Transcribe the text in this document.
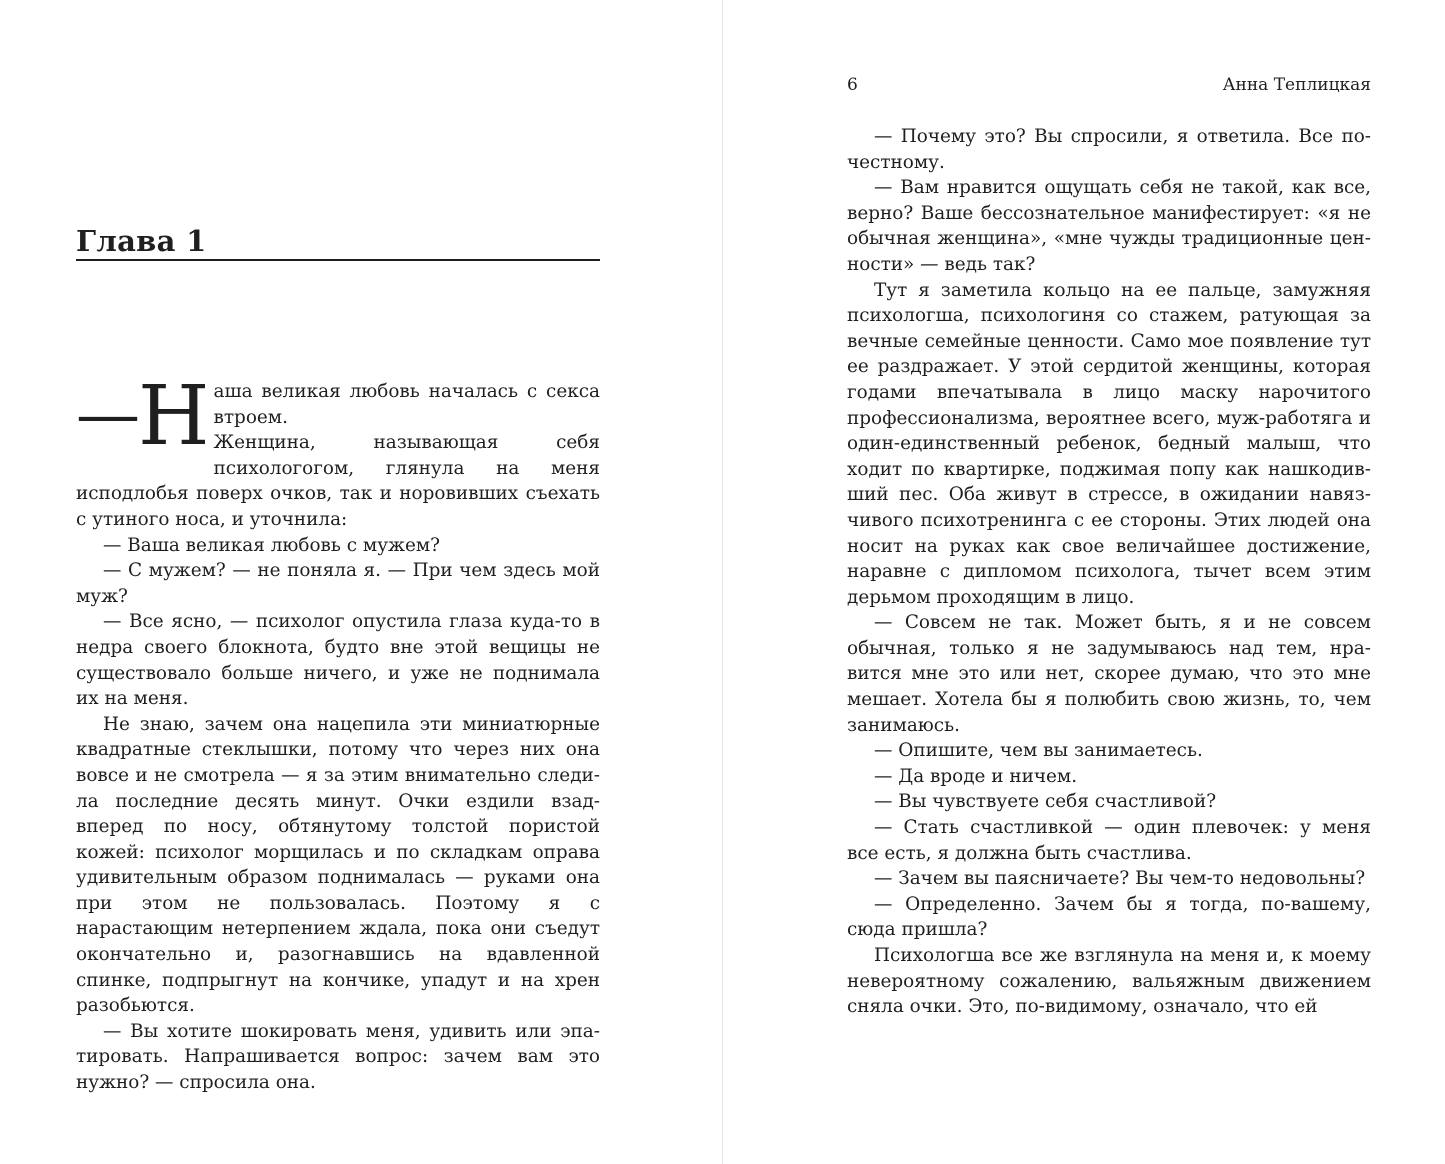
Глава 1
— Н аша великая любовь началась с секса втроем.

Женщина, называющая себя психологогом, глянула на меня исподлобья поверх очков, так и норовивших съехать с утиного носа, и уточнила:

— Ваша великая любовь с мужем?

— С мужем? — не поняла я. — При чем здесь мой муж?

— Все ясно, — психолог опустила глаза куда-то в недра своего блокнота, будто вне этой вещицы не существовало больше ничего, и уже не поднимала их на меня.

Не знаю, зачем она нацепила эти миниатюрные квадратные стеклышки, потому что через них она вовсе и не смотрела — я за этим внимательно следила последние десять минут. Очки ездили взад-вперед по носу, обтянутому толстой пористой кожей: психолог морщилась и по складкам оправа удивительным образом поднималась — руками она при этом не пользовалась. Поэтому я с нарастающим нетерпением ждала, пока они съедут окончательно и, разогнавшись на вдавленной спинке, подпрыгнут на кончике, упадут и на хрен разобьются.

— Вы хотите шокировать меня, удивить или эпатировать. Напрашивается вопрос: зачем вам это нужно? — спросила она.

6	Анна Теплицкая

— Почему это? Вы спросили, я ответила. Все по-честному.

— Вам нравится ощущать себя не такой, как все, верно? Ваше бессознательное манифестирует: «я не обычная женщина», «мне чужды традиционные ценности» — ведь так?

Тут я заметила кольцо на ее пальце, замужняя психологша, психологиня со стажем, ратующая за вечные семейные ценности. Само мое появление тут ее раздражает. У этой сердитой женщины, которая годами впечатывала в лицо маску нарочитого профессионализма, вероятнее всего, муж-работяга и один-единственный ребенок, бедный малыш, что ходит по квартирке, поджимая попу как нашкодивший пес. Оба живут в стрессе, в ожидании навязчивого психотренинга с ее стороны. Этих людей она носит на руках как свое величайшее достижение, наравне с дипломом психолога, тычет всем этим дерьмом проходящим в лицо.

— Совсем не так. Может быть, я и не совсем обычная, только я не задумываюсь над тем, нравится мне это или нет, скорее думаю, что это мне мешает. Хотела бы я полюбить свою жизнь, то, чем занимаюсь.

— Опишите, чем вы занимаетесь.

— Да вроде и ничем.

— Вы чувствуете себя счастливой?

— Стать счастливкой — один плевочек: у меня все есть, я должна быть счастлива.

— Зачем вы паясничаете? Вы чем-то недовольны?

— Определенно. Зачем бы я тогда, по-вашему, сюда пришла?

Психологша все же взглянула на меня и, к моему невероятному сожалению, вальяжным движением сняла очки. Это, по-видимому, означало, что ей
